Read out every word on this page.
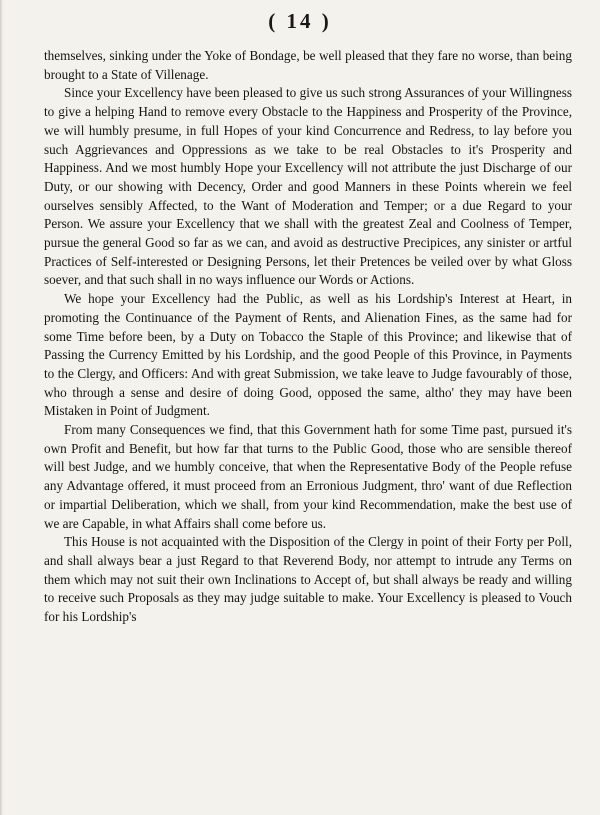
( 14 )

themselves, sinking under the Yoke of Bondage, be well pleased that they fare no worse, than being brought to a State of Villenage.

Since your Excellency have been pleased to give us such strong Assurances of your Willingness to give a helping Hand to remove every Obstacle to the Happiness and Prosperity of the Province, we will humbly presume, in full Hopes of your kind Concurrence and Redress, to lay before you such Aggrievances and Oppressions as we take to be real Obstacles to it's Prosperity and Happiness. And we most humbly Hope your Excellency will not attribute the just Discharge of our Duty, or our showing with Decency, Order and good Manners in these Points wherein we feel ourselves sensibly Affected, to the Want of Moderation and Temper; or a due Regard to your Person. We assure your Excellency that we shall with the greatest Zeal and Coolness of Temper, pursue the general Good so far as we can, and avoid as destructive Precipices, any sinister or artful Practices of Self-interested or Designing Persons, let their Pretences be veiled over by what Gloss soever, and that such shall in no ways influence our Words or Actions.

We hope your Excellency had the Public, as well as his Lordship's Interest at Heart, in promoting the Continuance of the Payment of Rents, and Alienation Fines, as the same had for some Time before been, by a Duty on Tobacco the Staple of this Province; and likewise that of Passing the Currency Emitted by his Lordship, and the good People of this Province, in Payments to the Clergy, and Officers: And with great Submission, we take leave to Judge favourably of those, who through a sense and desire of doing Good, opposed the same, altho' they may have been Mistaken in Point of Judgment.

From many Consequences we find, that this Government hath for some Time past, pursued it's own Profit and Benefit, but how far that turns to the Public Good, those who are sensible thereof will best Judge, and we humbly conceive, that when the Representative Body of the People refuse any Advantage offered, it must proceed from an Erronious Judgment, thro' want of due Reflection or impartial Deliberation, which we shall, from your kind Recommendation, make the best use of we are Capable, in what Affairs shall come before us.

This House is not acquainted with the Disposition of the Clergy in point of their Forty per Poll, and shall always bear a just Regard to that Reverend Body, nor attempt to intrude any Terms on them which may not suit their own Inclinations to Accept of, but shall always be ready and willing to receive such Proposals as they may judge suitable to make. Your Excellency is pleased to Vouch for his Lordship's
